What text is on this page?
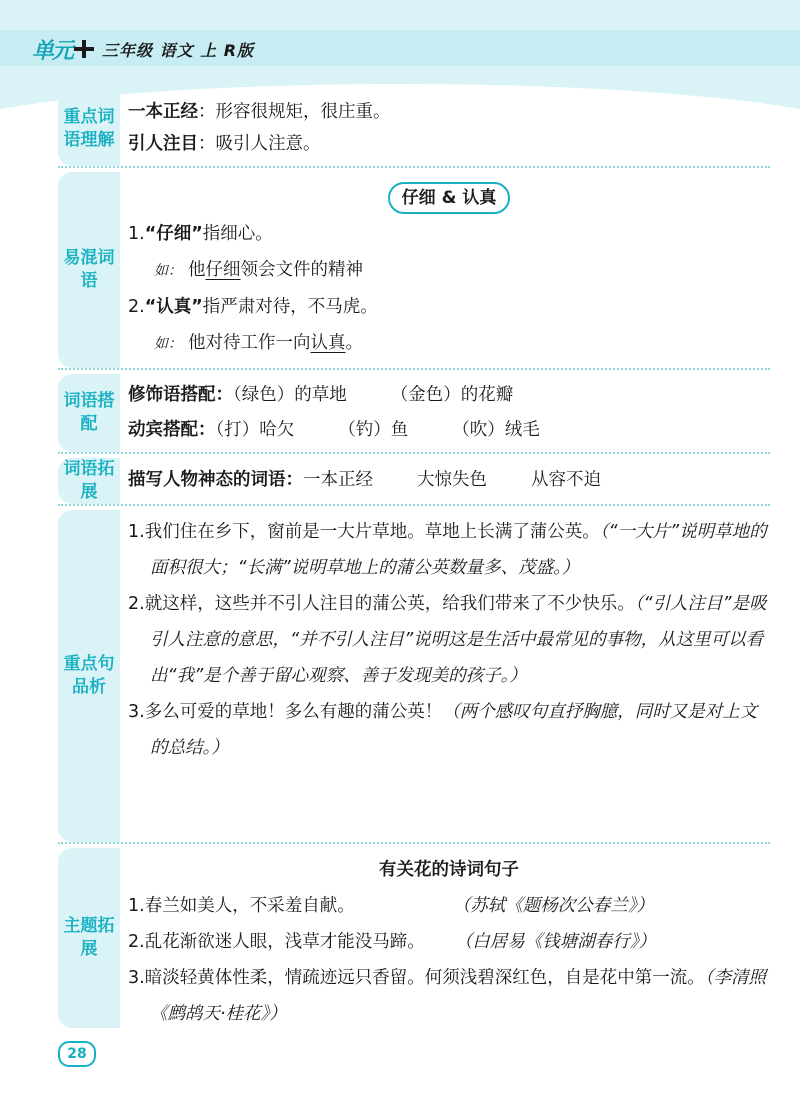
单元 三年级 语文 上 R版
重点词语理解
一本正经：形容很规矩，很庄重。
引人注目：吸引人注意。
易混词语
仔细 & 认真
1.“仔细”指细心。
如： 他仔细领会文件的精神
2.“认真”指严肃对待，不马虎。
如： 他对待工作一向认真。
词语搭配
修饰语搭配：（绿色）的草地	（金色）的花瓣
动宾搭配：（打）哈欠	（钓）鱼	（吹）绒毛
词语拓展
描写人物神态的词语：一本正经	大惊失色	从容不迫
重点句品析
1.我们住在乡下，窗前是一大片草地。草地上长满了蒲公英。（“一大片”说明草地的面积很大；“长满”说明草地上的蒲公英数量多、茂盛。）
2.就这样，这些并不引人注目的蒲公英，给我们带来了不少快乐。（“引人注目”是吸引人注意的意思，“并不引人注目”说明这是生活中最常见的事物，从这里可以看出“我”是个善于留心观察、善于发现美的孩子。）
3.多么可爱的草地！多么有趣的蒲公英！（两个感叹句直抒胸臆，同时又是对上文的总结。）
主题拓展
有关花的诗词句子
1.春兰如美人，不采羞自献。	（苏轼《题杨次公春兰》）
2.乱花渐欲迷人眼，浅草才能没马蹄。 （白居易《钱塘湖春行》）
3.暗淡轻黄体性柔，情疏迹远只香留。何须浅碧深红色，自是花中第一流。（李清照《鹧鸪天·桂花》）
28
